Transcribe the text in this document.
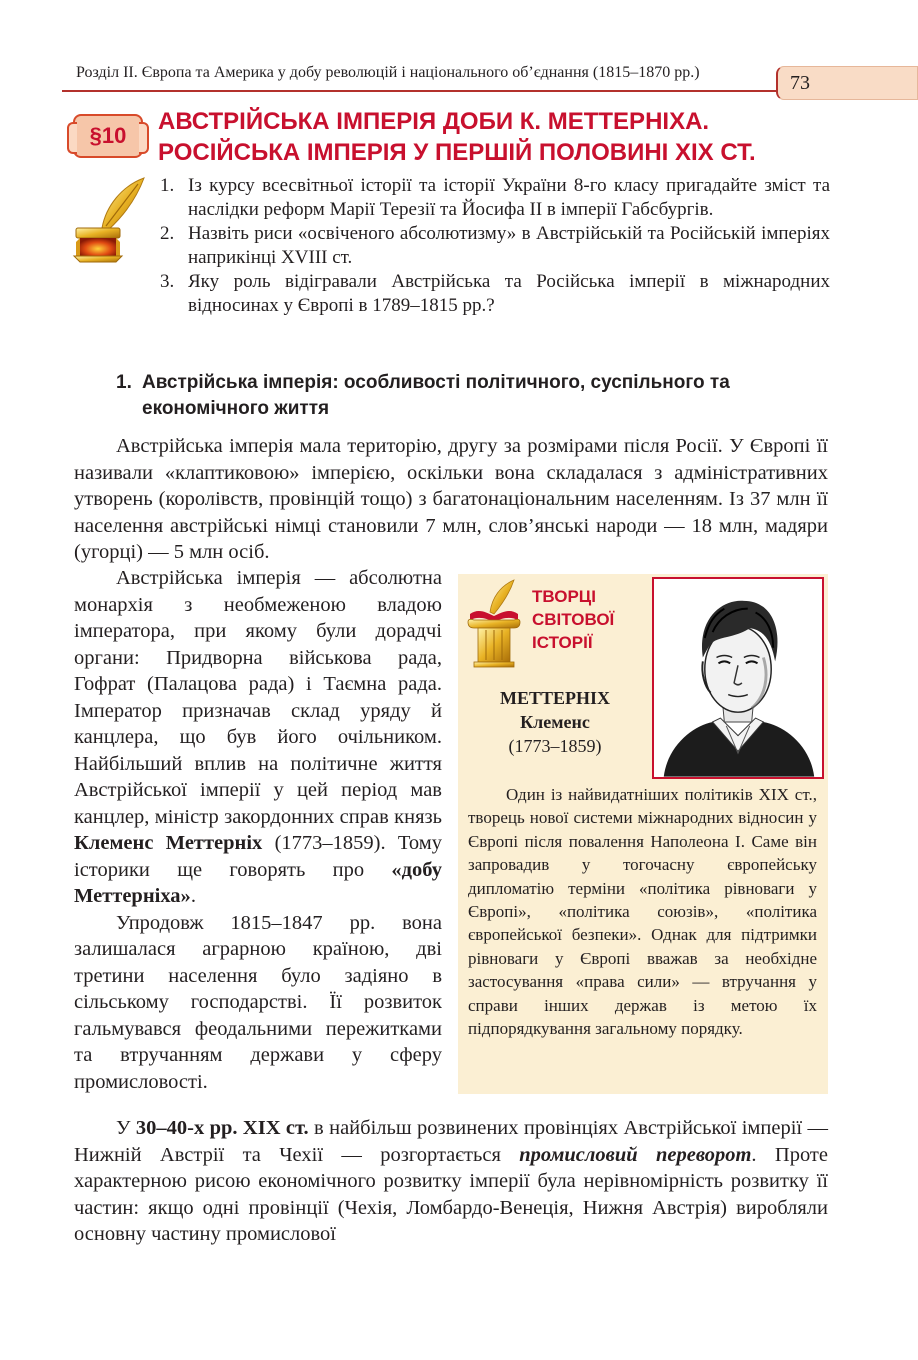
Розділ ІІ. Європа та Америка у добу революцій і національного об’єднання (1815–1870 рр.)	73
§10
АВСТРІЙСЬКА ІМПЕРІЯ ДОБИ К. МЕТТЕРНІХА.
РОСІЙСЬКА ІМПЕРІЯ У ПЕРШІЙ ПОЛОВИНІ XIX СТ.
1. Із курсу всесвітньої історії та історії України 8-го класу пригадайте зміст та наслідки реформ Марії Терезії та Йосифа ІІ в імперії Габсбургів.
2. Назвіть риси «освіченого абсолютизму» в Австрійській та Російській імперіях наприкінці XVIII ст.
3. Яку роль відігравали Австрійська та Російська імперії в міжнародних відносинах у Європі в 1789–1815 рр.?
1. Австрійська імперія: особливості політичного, суспільного та економічного життя
Австрійська імперія мала територію, другу за розмірами після Росії. У Європі її називали «клаптиковою» імперією, оскільки вона складалася з адміністративних утворень (королівств, провінцій тощо) з багатонаціональним населенням. Із 37 млн її населення австрійські німці становили 7 млн, слов’янські народи — 18 млн, мадяри (угорці) — 5 млн осіб.
Австрійська імперія — абсолютна монархія з необмеженою владою імператора, при якому були дорадчі органи: Придворна військова рада, Гофрат (Палацова рада) і Таємна рада. Імператор призначав склад уряду й канцлера, що був його очільником. Найбільший вплив на політичне життя Австрійської імперії у цей період мав канцлер, міністр закордонних справ князь Клеменс Меттерніх (1773–1859). Тому історики ще говорять про «добу Меттерніха».
Упродовж 1815–1847 рр. вона залишалася аграрною країною, дві третини населення було задіяно в сільському господарстві. Її розвиток гальмувався феодальними пережитками та втручанням держави у сферу промисловості.
ТВОРЦІ
СВІТОВОЇ
ІСТОРІЇ
МЕТТЕРНІХ
Клеменс
(1773–1859)
Один із найвидатніших політиків XIX ст., творець нової системи міжнародних відносин у Європі після повалення Наполеона І. Саме він запровадив у тогочасну європейську дипломатію терміни «політика рівноваги у Європі», «політика союзів», «політика європейської безпеки». Однак для підтримки рівноваги у Європі вважав за необхідне застосування «права сили» — втручання у справи інших держав із метою їх підпорядкування загальному порядку.
У 30–40-х рр. XIX ст. в найбільш розвинених провінціях Австрійської імперії — Нижній Австрії та Чехії — розгортається промисловий переворот. Проте характерною рисою економічного розвитку імперії була нерівномірність розвитку її частин: якщо одні провінції (Чехія, Ломбардо-Венеція, Нижня Австрія) виробляли основну частину промислової
